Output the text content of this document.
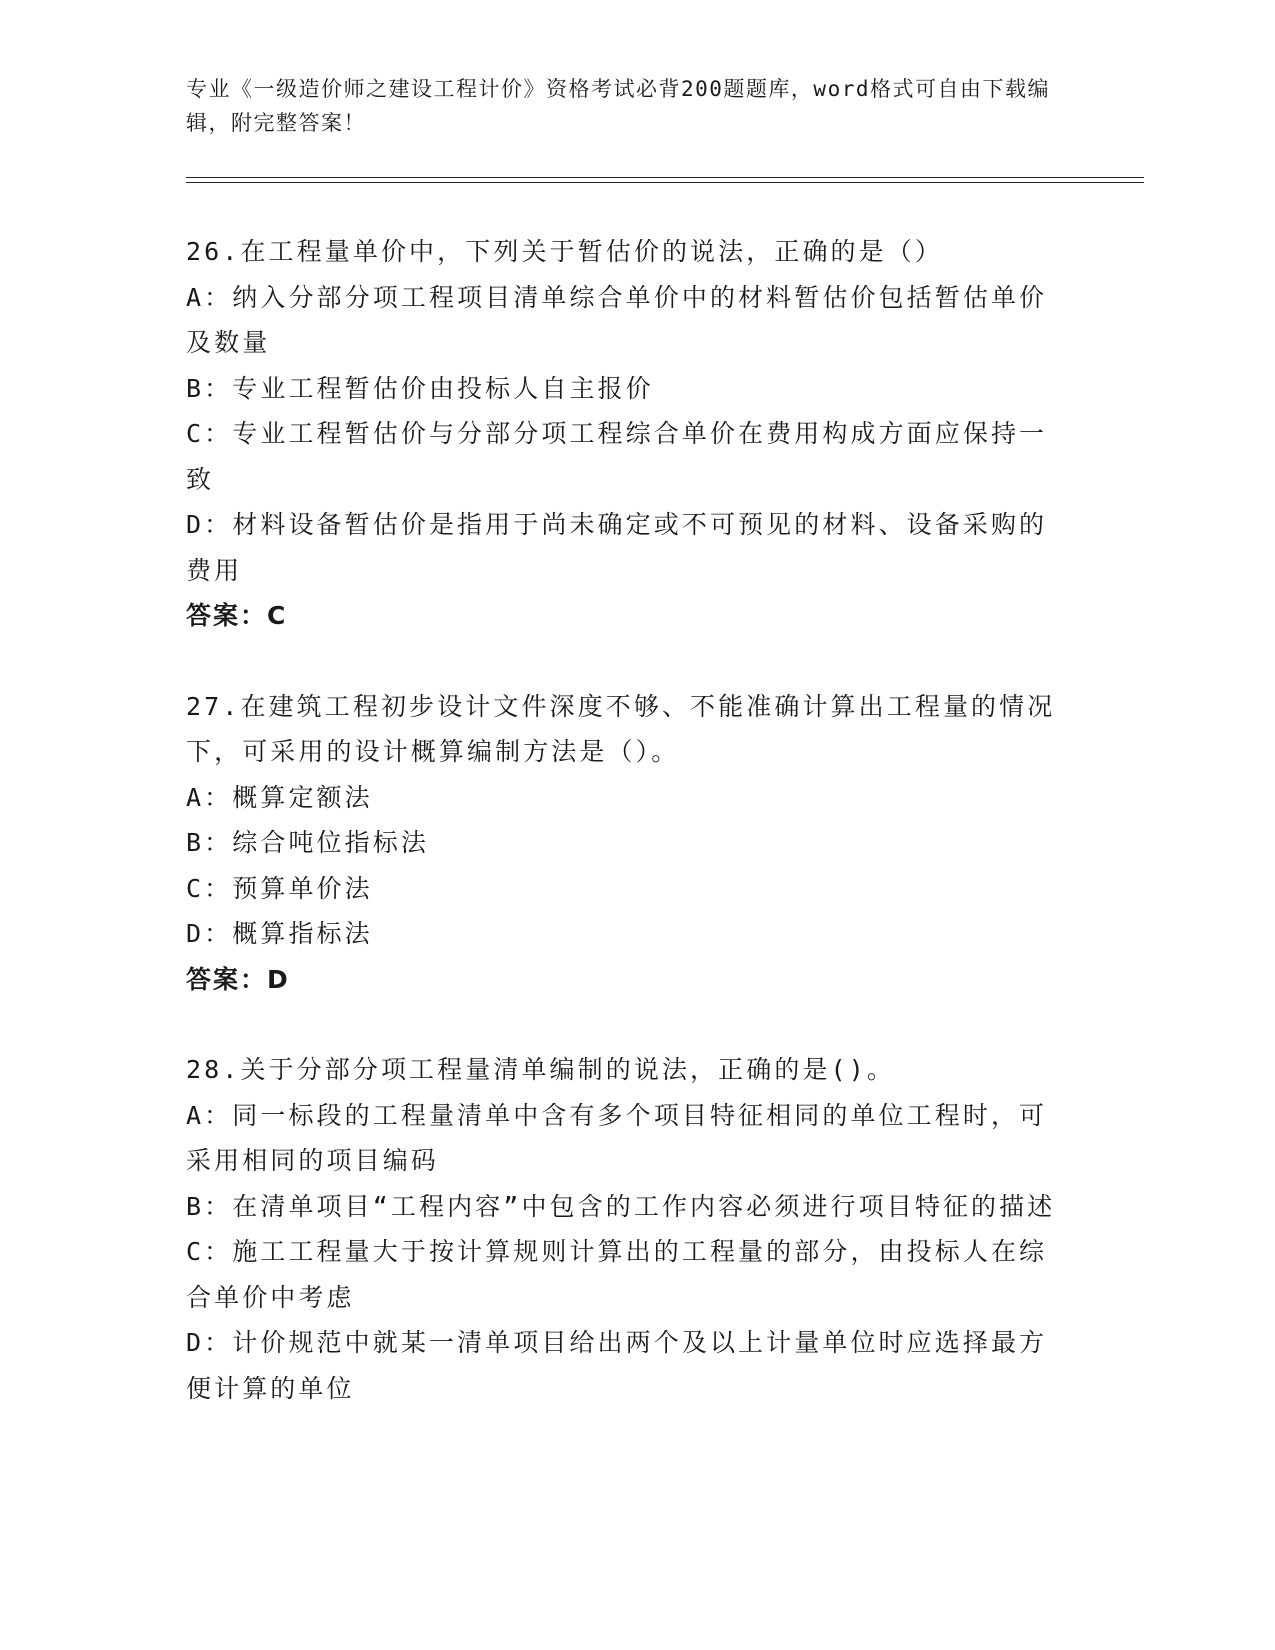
专业《一级造价师之建设工程计价》资格考试必背200题题库，word格式可自由下载编辑，附完整答案！
26.在工程量单价中，下列关于暂估价的说法，正确的是（）
A：纳入分部分项工程项目清单综合单价中的材料暂估价包括暂估单价及数量
B：专业工程暂估价由投标人自主报价
C：专业工程暂估价与分部分项工程综合单价在费用构成方面应保持一致
D：材料设备暂估价是指用于尚未确定或不可预见的材料、设备采购的费用
答案：C
27.在建筑工程初步设计文件深度不够、不能准确计算出工程量的情况下，可采用的设计概算编制方法是（）。
A：概算定额法
B：综合吨位指标法
C：预算单价法
D：概算指标法
答案：D
28.关于分部分项工程量清单编制的说法，正确的是()。
A：同一标段的工程量清单中含有多个项目特征相同的单位工程时，可采用相同的项目编码
B：在清单项目“工程内容”中包含的工作内容必须进行项目特征的描述
C：施工工程量大于按计算规则计算出的工程量的部分，由投标人在综合单价中考虑
D：计价规范中就某一清单项目给出两个及以上计量单位时应选择最方便计算的单位
